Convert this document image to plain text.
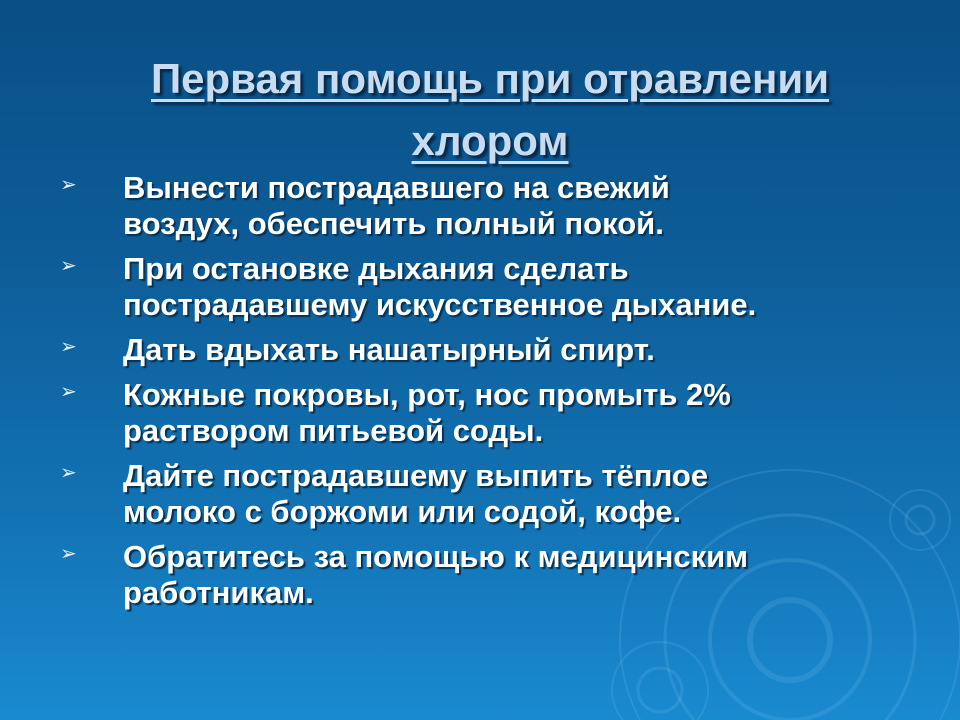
Первая помощь при отравлении
хлором
➢ Вынести пострадавшего на свежий
воздух, обеспечить полный покой.
➢ При остановке дыхания сделать
пострадавшему искусственное дыхание.
➢ Дать вдыхать нашатырный спирт.
➢ Кожные покровы, рот, нос промыть 2%
раствором питьевой соды.
➢ Дайте пострадавшему выпить тёплое
молоко с боржоми или содой, кофе.
➢ Обратитесь за помощью к медицинским
работникам.
